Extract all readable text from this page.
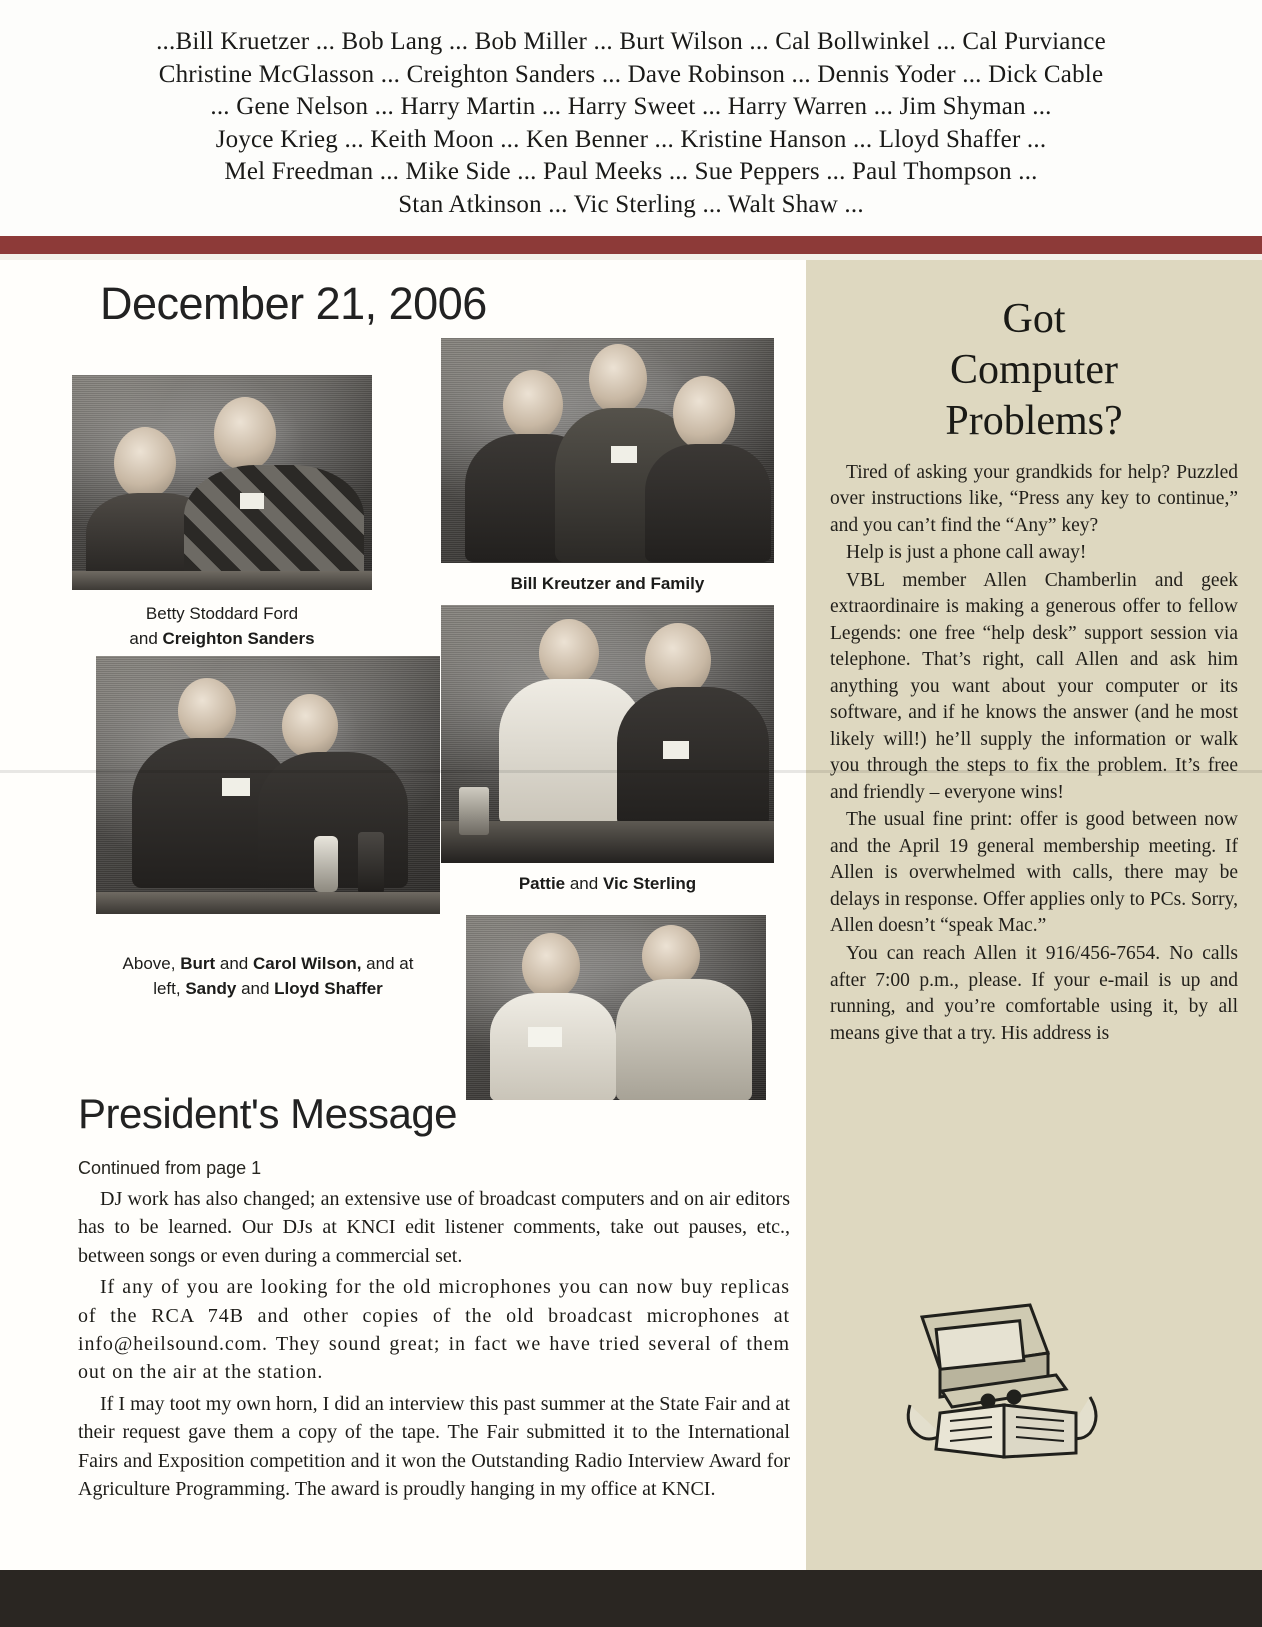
...Bill Kruetzer ... Bob Lang ... Bob Miller ... Burt Wilson ... Cal Bollwinkel ... Cal Purviance
Christine McGlasson ... Creighton Sanders ... Dave Robinson ... Dennis Yoder ... Dick Cable
... Gene Nelson ... Harry Martin ... Harry Sweet ... Harry Warren ... Jim Shyman ...
Joyce Krieg ... Keith Moon ... Ken Benner ... Kristine Hanson ... Lloyd Shaffer ...
Mel Freedman ... Mike Side ... Paul Meeks ... Sue Peppers ... Paul Thompson ...
Stan Atkinson ... Vic Sterling ... Walt Shaw ...
December 21, 2006
Betty Stoddard Ford
and Creighton Sanders
Bill Kreutzer and Family
Pattie and Vic Sterling
Above, Burt and Carol Wilson, and at
left, Sandy and Lloyd Shaffer
President's Message
Continued from page 1

DJ work has also changed; an extensive use of broadcast computers and on air editors has to be learned. Our DJs at KNCI edit listener comments, take out pauses, etc., between songs or even during a commercial set.

If any of you are looking for the old microphones you can now buy replicas of the RCA 74B and other copies of the old broadcast microphones at info@heilsound.com. They sound great; in fact we have tried several of them out on the air at the station.

If I may toot my own horn, I did an interview this past summer at the State Fair and at their request gave them a copy of the tape. The Fair submitted it to the International Fairs and Exposition competition and it won the Outstanding Radio Interview Award for Agriculture Programming. The award is proudly hanging in my office at KNCI.

Got
Computer
Problems?

Tired of asking your grandkids for help? Puzzled over instructions like, “Press any key to continue,” and you can’t find the “Any” key?

Help is just a phone call away!

VBL member Allen Chamberlin and geek extraordinaire is making a generous offer to fellow Legends: one free “help desk” support session via telephone. That’s right, call Allen and ask him anything you want about your computer or its software, and if he knows the answer (and he most likely will!) he’ll supply the information or walk you through the steps to fix the problem. It’s free and friendly – everyone wins!

The usual fine print: offer is good between now and the April 19 general membership meeting. If Allen is overwhelmed with calls, there may be delays in response. Offer applies only to PCs. Sorry, Allen doesn’t “speak Mac.”

You can reach Allen it 916/456-7654. No calls after 7:00 p.m., please. If your e-mail is up and running, and you’re comfortable using it, by all means give that a try. His address is
